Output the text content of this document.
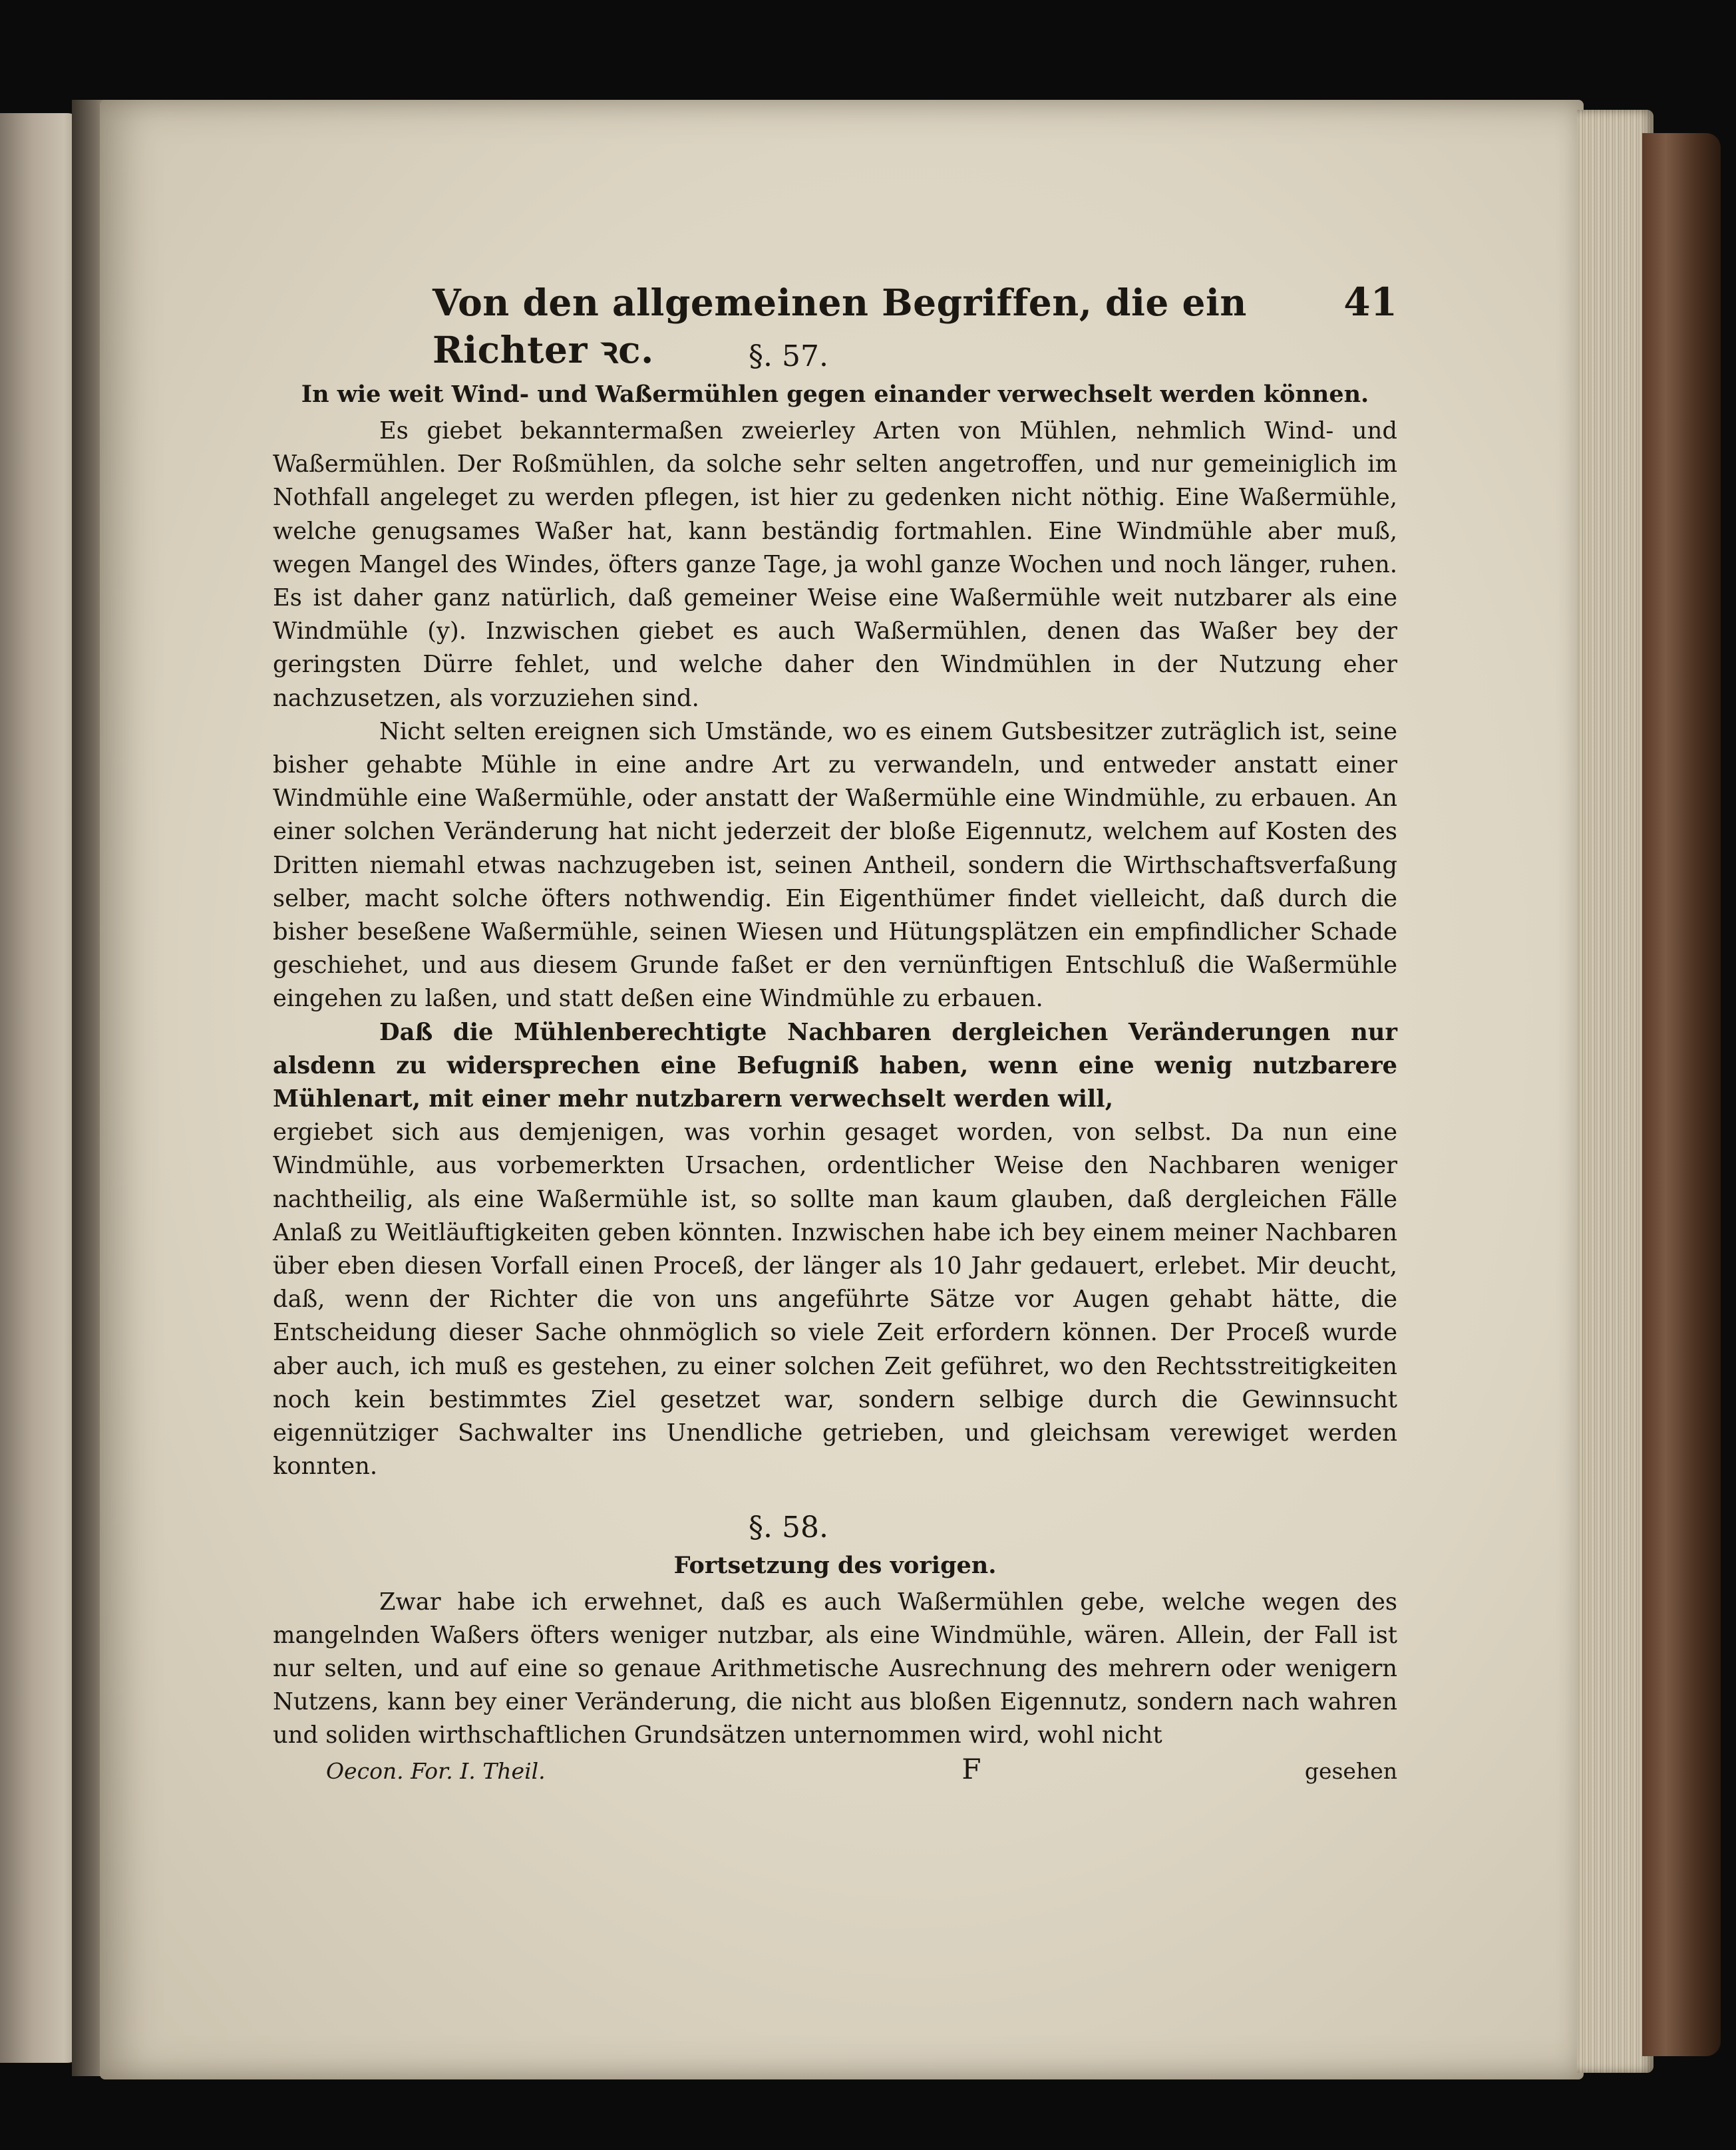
Von den allgemeinen Begriffen, die ein Richter ꝛc.
41
§. 57.
In wie weit Wind- und Waßermühlen gegen einander verwechselt werden können.

Es giebet bekanntermaßen zweierley Arten von Mühlen, nehmlich Wind- und Waßermühlen. Der Roßmühlen, da solche sehr selten angetroffen, und nur gemeiniglich im Nothfall angeleget zu werden pflegen, ist hier zu gedenken nicht nöthig. Eine Waßermühle, welche genugsames Waßer hat, kann beständig fortmahlen. Eine Windmühle aber muß, wegen Mangel des Windes, öfters ganze Tage, ja wohl ganze Wochen und noch länger, ruhen. Es ist daher ganz natürlich, daß gemeiner Weise eine Waßermühle weit nutzbarer als eine Windmühle (y). Inzwischen giebet es auch Waßermühlen, denen das Waßer bey der geringsten Dürre fehlet, und welche daher den Windmühlen in der Nutzung eher nachzusetzen, als vorzuziehen sind.

Nicht selten ereignen sich Umstände, wo es einem Gutsbesitzer zuträglich ist, seine bisher gehabte Mühle in eine andre Art zu verwandeln, und entweder anstatt einer Windmühle eine Waßermühle, oder anstatt der Waßermühle eine Windmühle, zu erbauen. An einer solchen Veränderung hat nicht jederzeit der bloße Eigennutz, welchem auf Kosten des Dritten niemahl etwas nachzugeben ist, seinen Antheil, sondern die Wirthschaftsverfaßung selber, macht solche öfters nothwendig. Ein Eigenthümer findet vielleicht, daß durch die bisher beseßene Waßermühle, seinen Wiesen und Hütungsplätzen ein empfindlicher Schade geschiehet, und aus diesem Grunde faßet er den vernünftigen Entschluß die Waßermühle eingehen zu laßen, und statt deßen eine Windmühle zu erbauen.

Daß die Mühlenberechtigte Nachbaren dergleichen Veränderungen nur alsdenn zu widersprechen eine Befugniß haben, wenn eine wenig nutzbarere Mühlenart, mit einer mehr nutzbarern verwechselt werden will,

ergiebet sich aus demjenigen, was vorhin gesaget worden, von selbst. Da nun eine Windmühle, aus vorbemerkten Ursachen, ordentlicher Weise den Nachbaren weniger nachtheilig, als eine Waßermühle ist, so sollte man kaum glauben, daß dergleichen Fälle Anlaß zu Weitläuftigkeiten geben könnten. Inzwischen habe ich bey einem meiner Nachbaren über eben diesen Vorfall einen Proceß, der länger als 10 Jahr gedauert, erlebet. Mir deucht, daß, wenn der Richter die von uns angeführte Sätze vor Augen gehabt hätte, die Entscheidung dieser Sache ohnmöglich so viele Zeit erfordern können. Der Proceß wurde aber auch, ich muß es gestehen, zu einer solchen Zeit geführet, wo den Rechtsstreitigkeiten noch kein bestimmtes Ziel gesetzet war, sondern selbige durch die Gewinnsucht eigennütziger Sachwalter ins Unendliche getrieben, und gleichsam verewiget werden konnten.

§. 58.
Fortsetzung des vorigen.

Zwar habe ich erwehnet, daß es auch Waßermühlen gebe, welche wegen des mangelnden Waßers öfters weniger nutzbar, als eine Windmühle, wären. Allein, der Fall ist nur selten, und auf eine so genaue Arithmetische Ausrechnung des mehrern oder wenigern Nutzens, kann bey einer Veränderung, die nicht aus bloßen Eigennutz, sondern nach wahren und soliden wirthschaftlichen Grundsätzen unternommen wird, wohl nicht

Oecon. For. I. Theil.	F	gesehen
